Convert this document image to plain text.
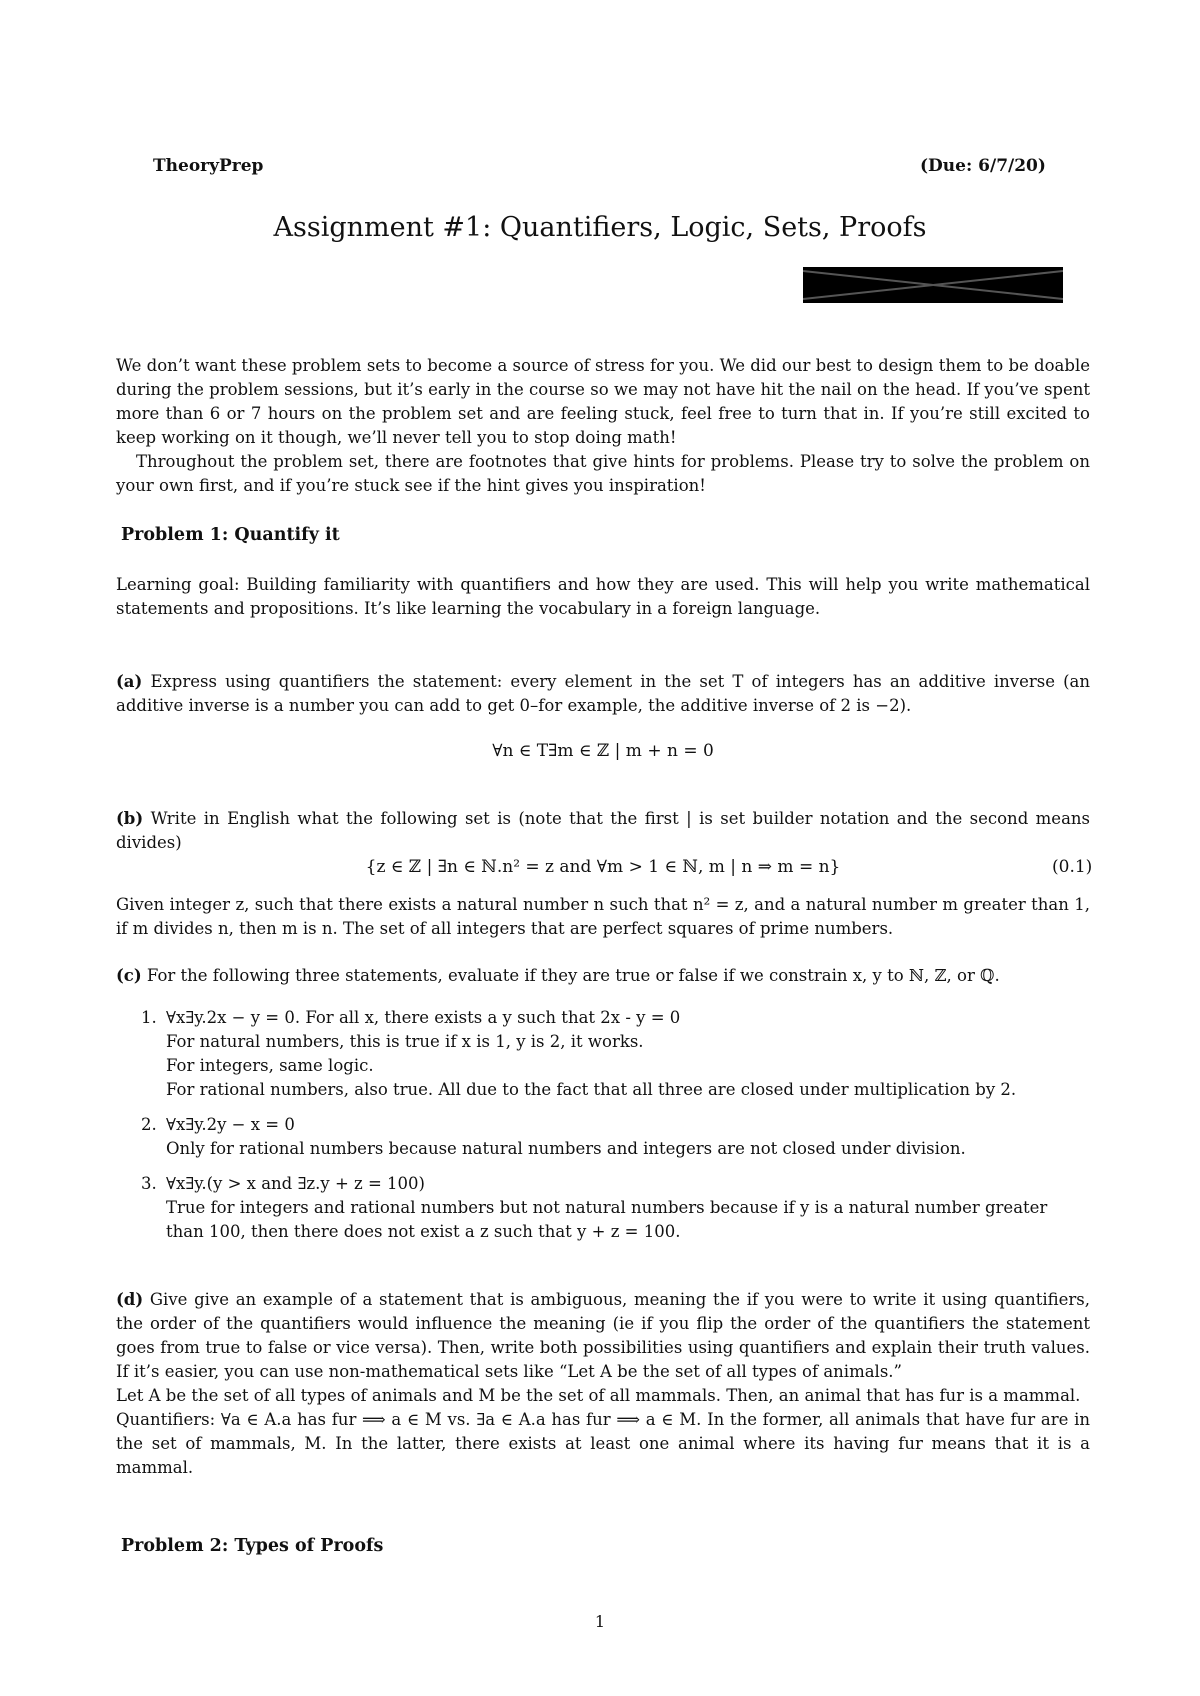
TheoryPrep	(Due: 6/7/20)
Assignment #1: Quantifiers, Logic, Sets, Proofs

We don’t want these problem sets to become a source of stress for you. We did our best to design them to be doable during the problem sessions, but it’s early in the course so we may not have hit the nail on the head. If you’ve spent more than 6 or 7 hours on the problem set and are feeling stuck, feel free to turn that in. If you’re still excited to keep working on it though, we’ll never tell you to stop doing math!

Throughout the problem set, there are footnotes that give hints for problems. Please try to solve the problem on your own first, and if you’re stuck see if the hint gives you inspiration!

Problem 1: Quantify it
Learning goal: Building familiarity with quantifiers and how they are used. This will help you write mathematical statements and propositions. It’s like learning the vocabulary in a foreign language.

(a) Express using quantifiers the statement: every element in the set T of integers has an additive inverse (an additive inverse is a number you can add to get 0–for example, the additive inverse of 2 is −2).

∀n ∈ T∃m ∈ ℤ | m + n = 0

(b) Write in English what the following set is (note that the first | is set builder notation and the second means divides)

{z ∈ ℤ | ∃n ∈ ℕ.n² = z and ∀m > 1 ∈ ℕ, m | n ⇒ m = n}	(0.1)
Given integer z, such that there exists a natural number n such that n² = z, and a natural number m greater than 1, if m divides n, then m is n. The set of all integers that are perfect squares of prime numbers.

(c) For the following three statements, evaluate if they are true or false if we constrain x, y to ℕ, ℤ, or ℚ.

1. ∀x∃y.2x − y = 0. For all x, there exists a y such that 2x - y = 0
For natural numbers, this is true if x is 1, y is 2, it works.
For integers, same logic.
For rational numbers, also true. All due to the fact that all three are closed under multiplication by 2.
2. ∀x∃y.2y − x = 0
Only for rational numbers because natural numbers and integers are not closed under division.
3. ∀x∃y.(y > x and ∃z.y + z = 100)
True for integers and rational numbers but not natural numbers because if y is a natural number greater than 100, then there does not exist a z such that y + z = 100.

(d) Give give an example of a statement that is ambiguous, meaning the if you were to write it using quantifiers, the order of the quantifiers would influence the meaning (ie if you flip the order of the quantifiers the statement goes from true to false or vice versa). Then, write both possibilities using quantifiers and explain their truth values. If it’s easier, you can use non-mathematical sets like “Let A be the set of all types of animals.”

Let A be the set of all types of animals and M be the set of all mammals. Then, an animal that has fur is a mammal.

Quantifiers: ∀a ∈ A.a has fur ⟹ a ∈ M vs. ∃a ∈ A.a has fur ⟹ a ∈ M. In the former, all animals that have fur are in the set of mammals, M. In the latter, there exists at least one animal where its having fur means that it is a mammal.

Problem 2: Types of Proofs
1
